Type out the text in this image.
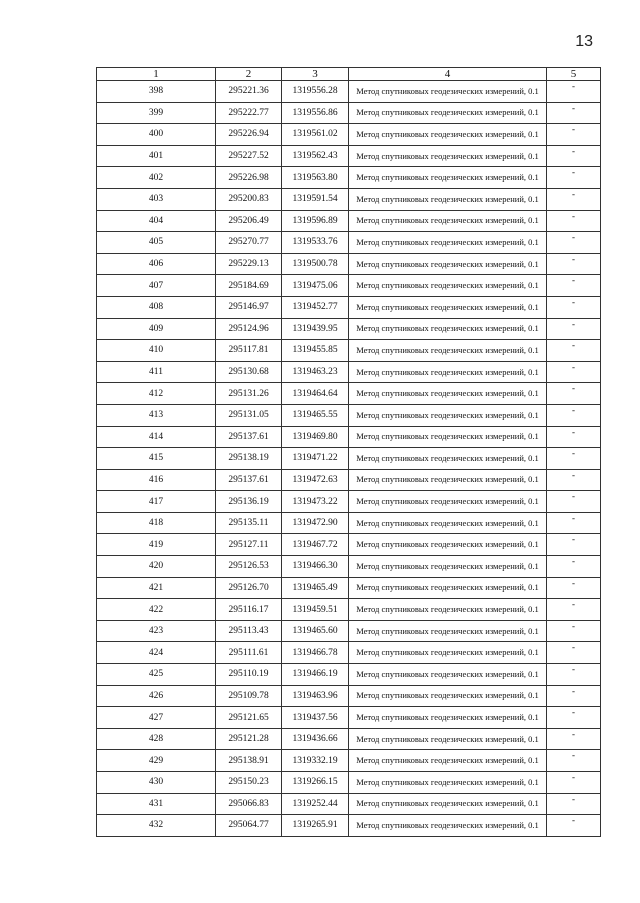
13
1	2	3	4	5
398	295221.36	1319556.28	Метод спутниковых геодезических измерений, 0.1	-
399	295222.77	1319556.86	Метод спутниковых геодезических измерений, 0.1	-
400	295226.94	1319561.02	Метод спутниковых геодезических измерений, 0.1	-
401	295227.52	1319562.43	Метод спутниковых геодезических измерений, 0.1	-
402	295226.98	1319563.80	Метод спутниковых геодезических измерений, 0.1	-
403	295200.83	1319591.54	Метод спутниковых геодезических измерений, 0.1	-
404	295206.49	1319596.89	Метод спутниковых геодезических измерений, 0.1	-
405	295270.77	1319533.76	Метод спутниковых геодезических измерений, 0.1	-
406	295229.13	1319500.78	Метод спутниковых геодезических измерений, 0.1	-
407	295184.69	1319475.06	Метод спутниковых геодезических измерений, 0.1	-
408	295146.97	1319452.77	Метод спутниковых геодезических измерений, 0.1	-
409	295124.96	1319439.95	Метод спутниковых геодезических измерений, 0.1	-
410	295117.81	1319455.85	Метод спутниковых геодезических измерений, 0.1	-
411	295130.68	1319463.23	Метод спутниковых геодезических измерений, 0.1	-
412	295131.26	1319464.64	Метод спутниковых геодезических измерений, 0.1	-
413	295131.05	1319465.55	Метод спутниковых геодезических измерений, 0.1	-
414	295137.61	1319469.80	Метод спутниковых геодезических измерений, 0.1	-
415	295138.19	1319471.22	Метод спутниковых геодезических измерений, 0.1	-
416	295137.61	1319472.63	Метод спутниковых геодезических измерений, 0.1	-
417	295136.19	1319473.22	Метод спутниковых геодезических измерений, 0.1	-
418	295135.11	1319472.90	Метод спутниковых геодезических измерений, 0.1	-
419	295127.11	1319467.72	Метод спутниковых геодезических измерений, 0.1	-
420	295126.53	1319466.30	Метод спутниковых геодезических измерений, 0.1	-
421	295126.70	1319465.49	Метод спутниковых геодезических измерений, 0.1	-
422	295116.17	1319459.51	Метод спутниковых геодезических измерений, 0.1	-
423	295113.43	1319465.60	Метод спутниковых геодезических измерений, 0.1	-
424	295111.61	1319466.78	Метод спутниковых геодезических измерений, 0.1	-
425	295110.19	1319466.19	Метод спутниковых геодезических измерений, 0.1	-
426	295109.78	1319463.96	Метод спутниковых геодезических измерений, 0.1	-
427	295121.65	1319437.56	Метод спутниковых геодезических измерений, 0.1	-
428	295121.28	1319436.66	Метод спутниковых геодезических измерений, 0.1	-
429	295138.91	1319332.19	Метод спутниковых геодезических измерений, 0.1	-
430	295150.23	1319266.15	Метод спутниковых геодезических измерений, 0.1	-
431	295066.83	1319252.44	Метод спутниковых геодезических измерений, 0.1	-
432	295064.77	1319265.91	Метод спутниковых геодезических измерений, 0.1	-
